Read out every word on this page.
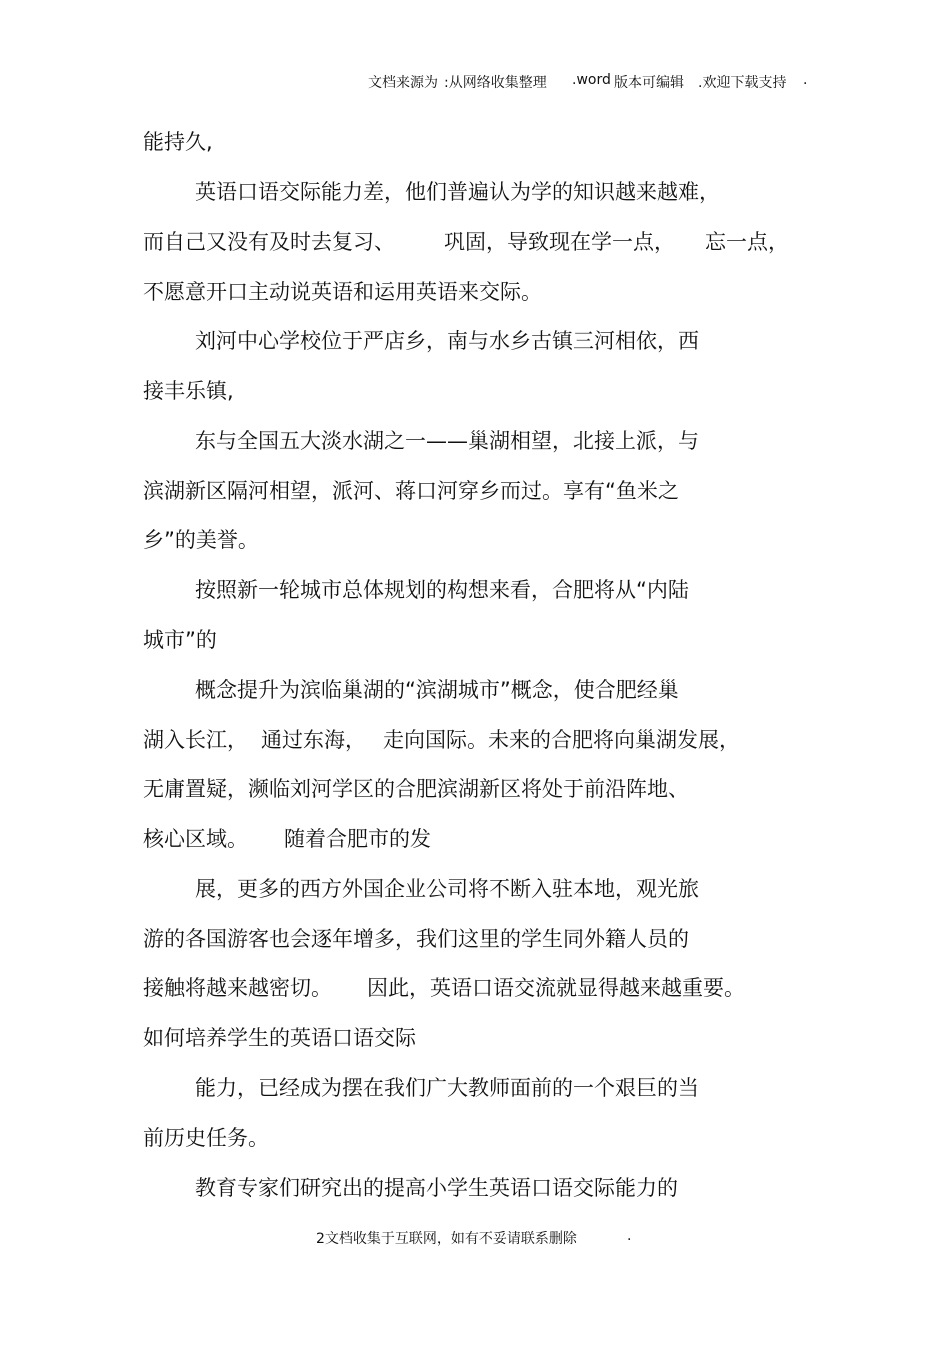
文档来源为 :从网络收集整理 .word 版本可编辑 .欢迎下载支持 .
能持久,
英语口语交际能力差，他们普遍认为学的知识越来越难，
而自己又没有及时去复习、 巩固，导致现在学一点， 忘一点，
不愿意开口主动说英语和运用英语来交际。
刘河中心学校位于严店乡，南与水乡古镇三河相依，西
接丰乐镇,
东与全国五大淡水湖之一——巢湖相望，北接上派，与
滨湖新区隔河相望，派河、蒋口河穿乡而过。享有“鱼米之
乡”的美誉。
按照新一轮城市总体规划的构想来看，合肥将从“内陆
城市”的
概念提升为滨临巢湖的“滨湖城市”概念，使合肥经巢
湖入长江， 通过东海， 走向国际。未来的合肥将向巢湖发展，
无庸置疑，濒临刘河学区的合肥滨湖新区将处于前沿阵地、
核心区域。 随着合肥市的发
展，更多的西方外国企业公司将不断入驻本地，观光旅
游的各国游客也会逐年增多，我们这里的学生同外籍人员的
接触将越来越密切。 因此，英语口语交流就显得越来越重要。
如何培养学生的英语口语交际
能力，已经成为摆在我们广大教师面前的一个艰巨的当
前历史任务。
教育专家们研究出的提高小学生英语口语交际能力的
2文档收集于互联网，如有不妥请联系删除	.
